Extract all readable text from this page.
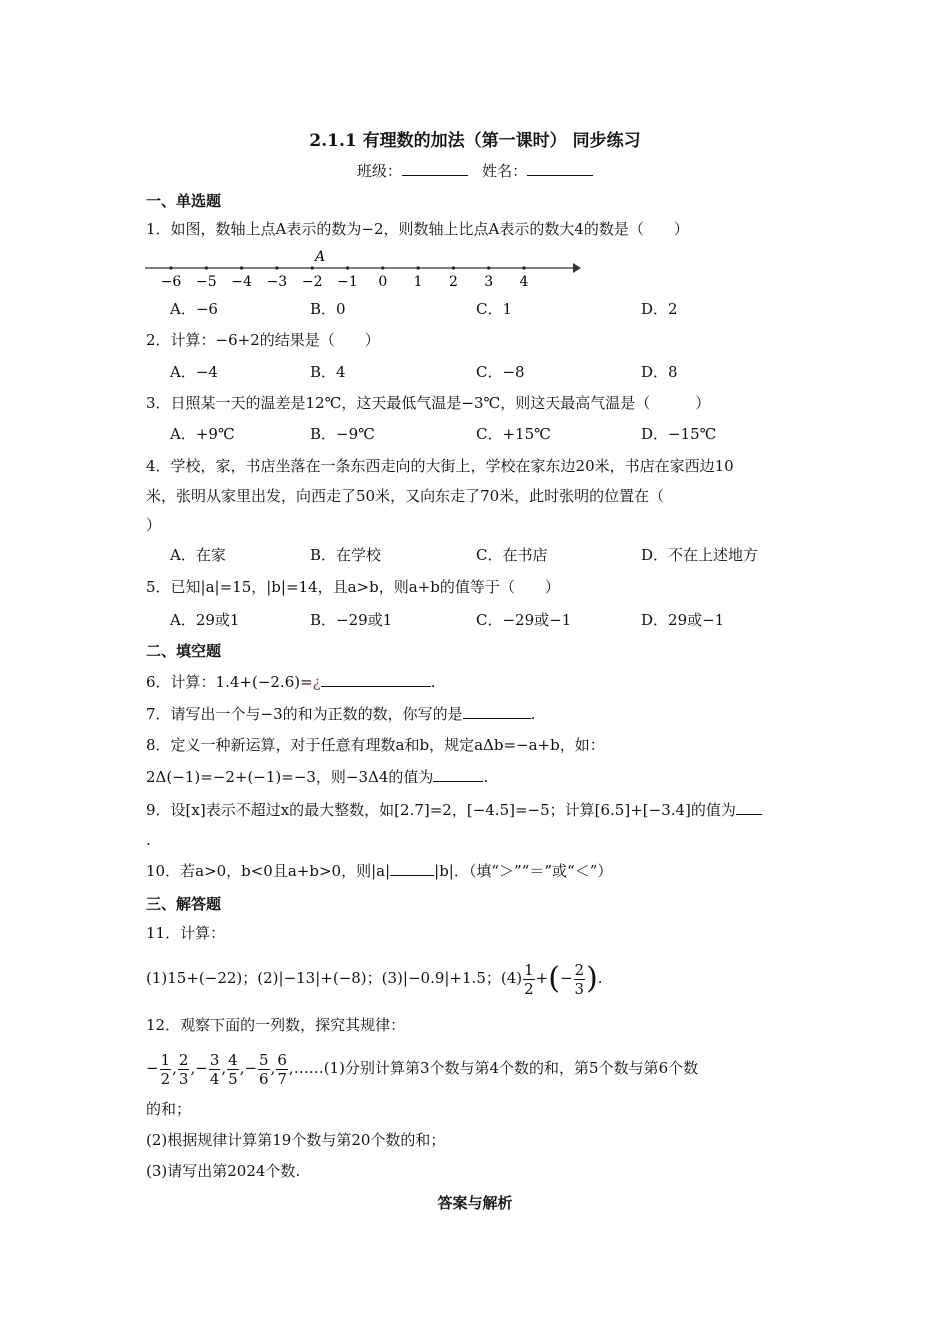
2.1.1 有理数的加法（第一课时） 同步练习
班级：	姓名：
一、单选题
1．如图，数轴上点A表示的数为−2，则数轴上比点A表示的数大4的数是（　　）
A
−6 −5 −4 −3 −2 −1 0 1 2 3 4
A．−6	B．0	C．1	D．2
2．计算：−6+2的结果是（　　）
A．−4	B．4	C．−8	D．8
3．日照某一天的温差是12℃，这天最低气温是−3℃，则这天最高气温是（　　　）
A．+9℃	B．−9℃	C．+15℃	D．−15℃
4．学校，家，书店坐落在一条东西走向的大街上，学校在家东边20米，书店在家西边10
米，张明从家里出发，向西走了50米，又向东走了70米，此时张明的位置在（
）
A．在家	B．在学校	C．在书店	D．不在上述地方
5．已知|a|=15，|b|=14，且a>b，则a+b的值等于（　　）
A．29或1	B．−29或1	C．−29或−1	D．29或−1
二、填空题
6．计算：1.4+(−2.6)=¿	.
7．请写出一个与−3的和为正数的数，你写的是	.
8．定义一种新运算，对于任意有理数a和b，规定aΔb=−a+b，如：
2Δ(−1)=−2+(−1)=−3，则−3Δ4的值为	.
9．设[x]表示不超过x的最大整数，如[2.7]=2，[−4.5]=−5；计算[6.5]+[−3.4]的值为
.
10．若a>0，b<0且a+b>0，则|a|	|b|．（填“＞”“＝”或“＜”）
三、解答题
11．计算：
(1)15+(−22)；(2)|−13|+(−8)；(3)|−0.9|+1.5；$(4) \frac{1}{2}$ +(− $\frac{2}{3}$ ).
12．观察下面的一列数，探究其规律：
− $\frac{1}{2}$ , $\frac{2}{3}$ ,− $\frac{3}{4}$ , $\frac{4}{5}$ ,− $\frac{5}{6}$ , $\frac{6}{7}$ ,……(1)分别计算第3个数与第4个数的和，第5个数与第6个数
的和；
(2)根据规律计算第19个数与第20个数的和；
(3)请写出第2024个数.
答案与解析
